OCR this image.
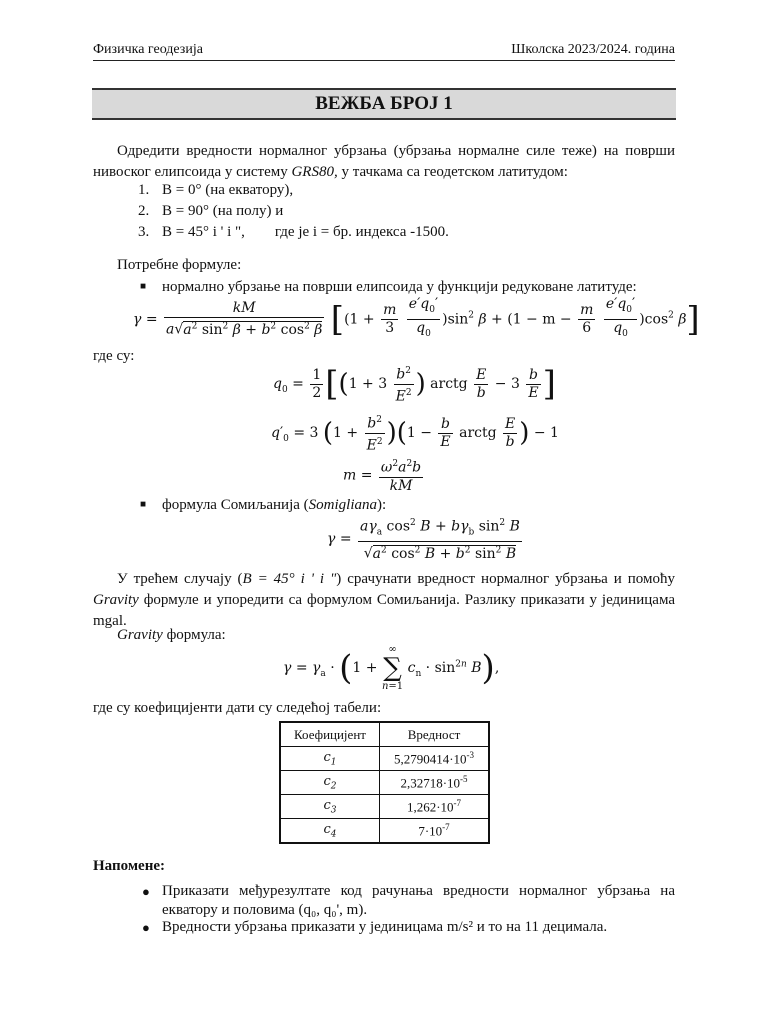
Физичка геодезија	Школска 2023/2024. година
ВЕЖБА БРОЈ 1
Одредити вредности нормалног убрзања (убрзања нормалне силе теже) на површи нивоског елипсоида у систему GRS80, у тачкама са геодетском латитудом:
1. B = 0° (на екватору),
2. B = 90° (на полу) и
3. B = 45° i ' i ",        где је i = бр. индекса -1500.
Потребне формуле:
■ нормално убрзање на површи елипсоида у функцији редуковане латитуде:
$\gamma = \frac{kM}{a√a^2 \sin^2 \beta + b^2 \cos^2 \beta} [(1 + \frac{m}{3}$
$\frac{e'q_0'}{q_0} )\sin^2$ $\beta + (1 - m - \frac{m}{6}$
$\frac{e'q_0'}{q_0} )\cos^2$ β]
где су:
$q_0 = \frac{1}{2} [(1 + 3 \frac{b^2}{E^2}$ ) arctg $\frac{E}{b} - 3 \frac{b}{E}$ ]
$q'_0 = 3$ $(1 + \frac{b^2}{E^2} )(1 - \frac{b}{E}$ arctg $\frac{E}{b}$ ) − 1
$m = \frac{\omega^2a^2b}{kM}$
■ формула Сомиљанија (Somigliana):
$\gamma = \frac{a\gamma_a \cos^2 B + b\gamma_b \sin^2 B}{√a^2 \cos^2 B + b^2 \sin^2 B}$
У трећем случају (B = 45° i ' i ") срачунати вредност нормалног убрзања и помоћу Gravity формуле и упоредити са формулом Сомиљанија. Разлику приказати у јединицама mgal.
Gravity формула:
$\gamma = \gamma_a \cdot (1$ + ∞
∑
n=1 $c_n \cdot \sin^{2n} B$),
где су коефицијенти дати су следећој табели:
Коефицијент	Вредност
$c_1$	$5,2790414\cdot 10^{-3}$
$c_2$	$2,32718\cdot 10^{-5}$
$c_3$	$1,262\cdot 10^{-7}$
$c_4$	$7\cdot 10^{-7}$
Напомене:
● Приказати међурезултате код рачунања вредности нормалног убрзања на екватору и половима (q₀, q₀', m).
● Вредности убрзања приказати у јединицама m/s² и то на 11 децимала.
